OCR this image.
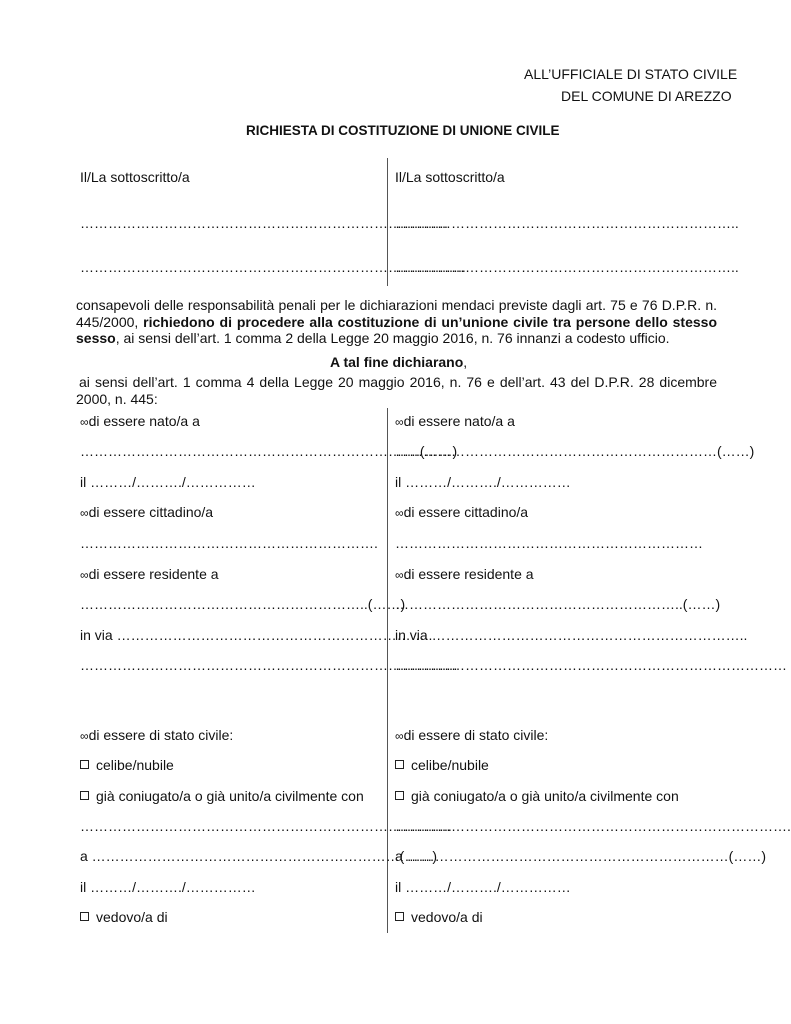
ALL’UFFICIALE DI STATO CIVILE
DEL COMUNE DI AREZZO
RICHIESTA DI COSTITUZIONE DI UNIONE CIVILE
Il/La sottoscritto/a
…………………………………………………………………….
………………………………………………………………………..
Il/La sottoscritto/a
………………………………………………………………..
………………………………………………………………..
consapevoli delle responsabilità penali per le dichiarazioni mendaci previste dagli art. 75 e 76 D.P.R. n. 445/2000, richiedono di procedere alla costituzione di un’unione civile tra persone dello stesso sesso, ai sensi dell’art. 1 comma 2 della Legge 20 maggio 2016, n. 76 innanzi a codesto ufficio.
A tal fine dichiarano,
ai sensi dell’art. 1 comma 4 della Legge 20 maggio 2016, n. 76 e dell’art. 43 del D.P.R. 28 dicembre 2000, n. 445:
∞di essere nato/a a
……………………………………………………………….(……)
il ………/………./……………
∞di essere cittadino/a
……………………………………………………….
∞di essere residente a
……………………………………………………..(……)
in via …………………………………………………………..
………………………………………………………………………
∞di essere di stato civile:
celibe/nubile
già coniugato/a o già unito/a civilmente con
……………………………………………………………………..
a …………………………………………………………(……)
il ………/………./……………
vedovo/a di
∞di essere nato/a a
……………………………………………………………(……)
il ………/………./……………
∞di essere cittadino/a
…………………………………………………………
∞di essere residente a
……………………………………………………..(……)
in via …………………………………………………………..
…………………………………………………………………………
∞di essere di stato civile:
celibe/nubile
già coniugato/a o già unito/a civilmente con
………………………………………………………………………….
a ……………………………………………………………(……)
il ………/………./……………
vedovo/a di
